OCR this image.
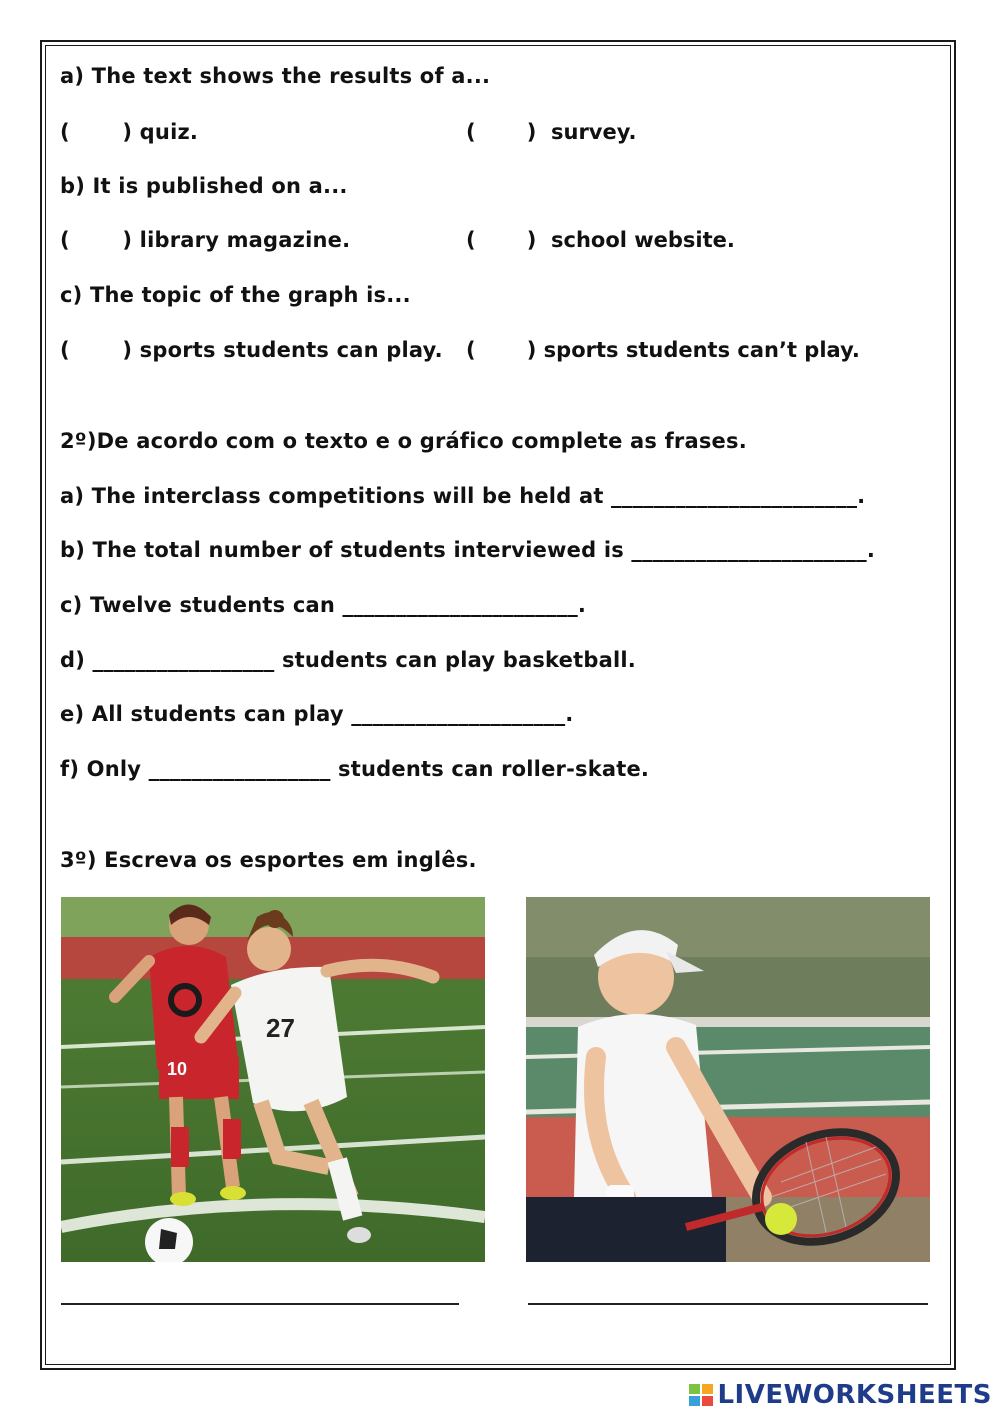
a) The text shows the results of a...
(       ) quiz.	(       )  survey.
b) It is published on a...
(       ) library magazine.	(       )  school website.
c) The topic of the graph is...
(       ) sports students can play. (       ) sports students can’t play.
2º)De acordo com o texto e o gráfico complete as frases.
a) The interclass competitions will be held at _______________________.
b) The total number of students interviewed is ______________________.
c) Twelve students can ______________________.
d) _________________ students can play basketball.
e) All students can play ____________________.
f) Only _________________ students can roller-skate.
3º) Escreva os esportes em inglês.
10
27
LIVEWORKSHEETS
